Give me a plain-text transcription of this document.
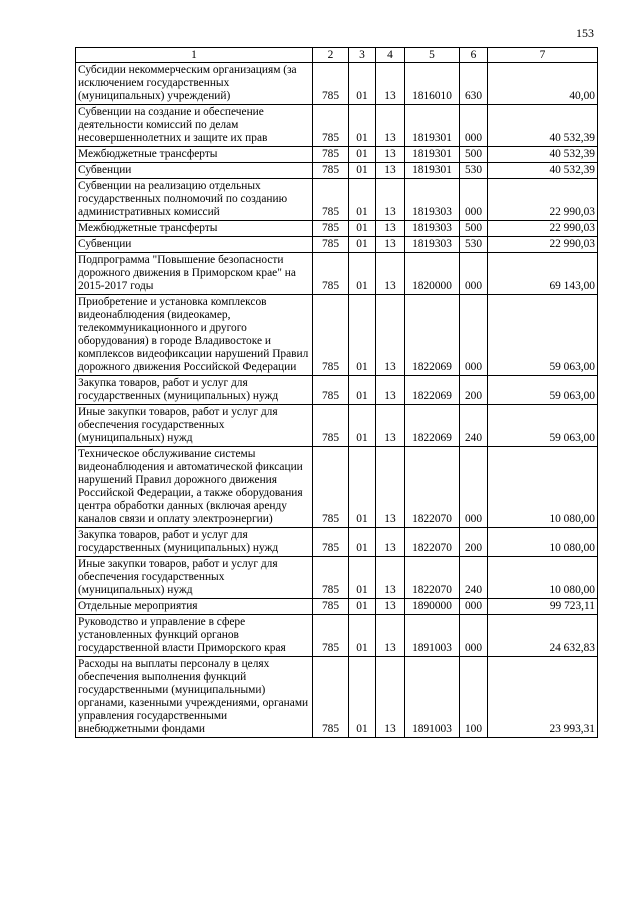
153
1	2	3	4	5	6	7
Субсидии некоммерческим организациям (за исключением государственных (муниципальных) учреждений)	785	01	13	1816010	630	40,00
Субвенции на создание и обеспечение деятельности комиссий по делам несовершеннолетних и защите их прав	785	01	13	1819301	000	40 532,39
Межбюджетные трансферты	785	01	13	1819301	500	40 532,39
Субвенции	785	01	13	1819301	530	40 532,39
Субвенции на реализацию отдельных государственных полномочий по созданию административных комиссий	785	01	13	1819303	000	22 990,03
Межбюджетные трансферты	785	01	13	1819303	500	22 990,03
Субвенции	785	01	13	1819303	530	22 990,03
Подпрограмма "Повышение безопасности дорожного движения в Приморском крае" на 2015-2017 годы	785	01	13	1820000	000	69 143,00
Приобретение и установка комплексов видеонаблюдения (видеокамер, телекоммуникационного и другого оборудования) в городе Владивостоке и комплексов видеофиксации нарушений Правил дорожного движения Российской Федерации	785	01	13	1822069	000	59 063,00
Закупка товаров, работ и услуг для государственных (муниципальных) нужд	785	01	13	1822069	200	59 063,00
Иные закупки товаров, работ и услуг для обеспечения государственных (муниципальных) нужд	785	01	13	1822069	240	59 063,00
Техническое обслуживание системы видеонаблюдения и автоматической фиксации нарушений Правил дорожного движения Российской Федерации, а также оборудования центра обработки данных (включая аренду каналов связи и оплату электроэнергии)	785	01	13	1822070	000	10 080,00
Закупка товаров, работ и услуг для государственных (муниципальных) нужд	785	01	13	1822070	200	10 080,00
Иные закупки товаров, работ и услуг для обеспечения государственных (муниципальных) нужд	785	01	13	1822070	240	10 080,00
Отдельные мероприятия	785	01	13	1890000	000	99 723,11
Руководство и управление в сфере установленных функций органов государственной власти Приморского края	785	01	13	1891003	000	24 632,83
Расходы на выплаты персоналу в целях обеспечения выполнения функций государственными (муниципальными) органами, казенными учреждениями, органами управления государственными внебюджетными фондами	785	01	13	1891003	100	23 993,31
